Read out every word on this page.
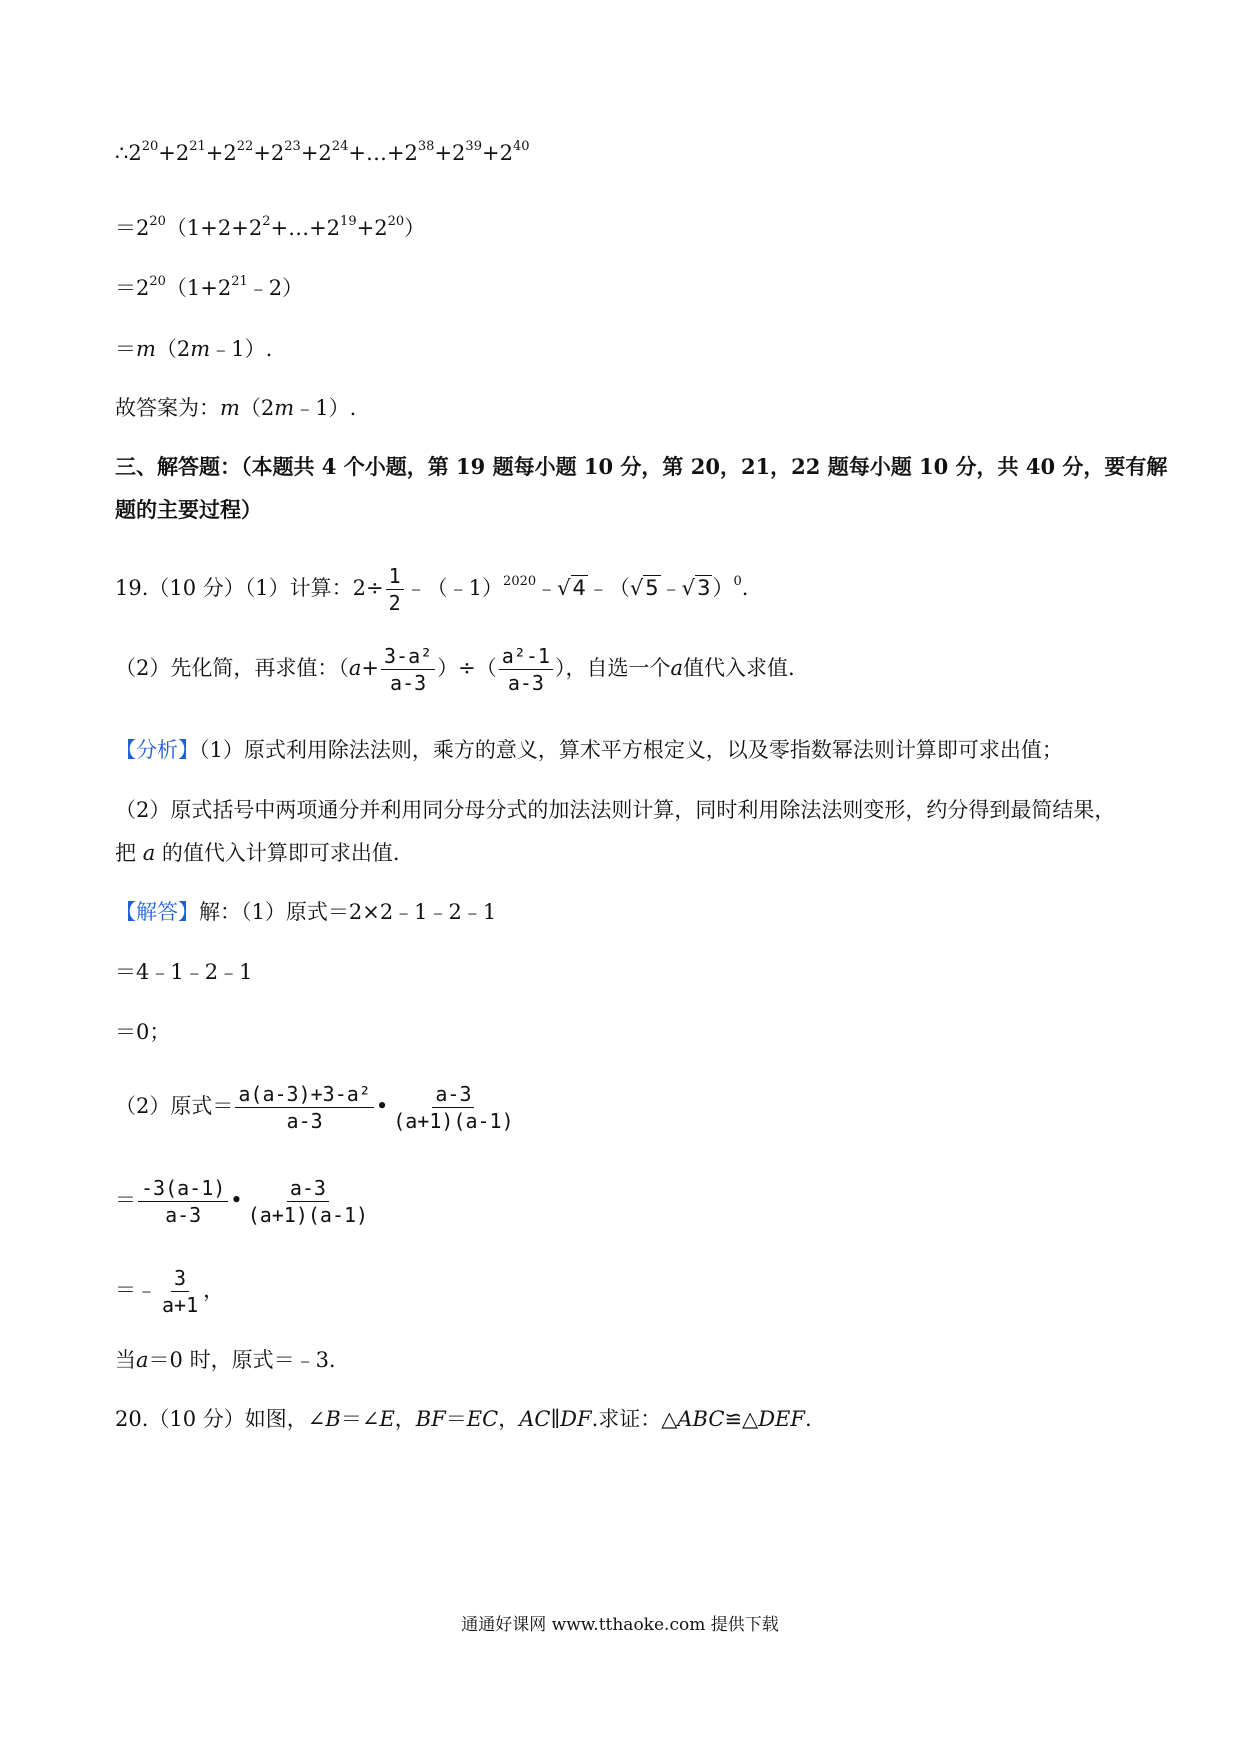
$\therefore 2^{20}+2^{21}+2^{22}+2^{23}+2^{24}+\dots+2^{38}+2^{39}+2^{40}$
$=2^{20}(1+2+2^2+\dots+2^{19}+2^{20})$
$=2^{20}(1+2^{21}﹣2)$
＝m（2m﹣1）.
故答案为：m（2m﹣1）.
三、解答题：（本题共 4 个小题，第 19 题每小题 10 分，第 20，21，22 题每小题 10 分，共 40 分，要有解
题的主要过程）
19.（10 分）（1）计算：$2\div \frac{1}{2}$ ﹣（﹣1）$^{2020}$﹣√4﹣（√5﹣√3）$^0$.
（2）先化简，再求值：（$a+ \frac{\text{3-a²}}{a-3}$ ）÷（ $\frac{\text{a²-1}}{a-3}$ ），自选一个a值代入求值.
【分析】（1）原式利用除法法则，乘方的意义，算术平方根定义，以及零指数幂法则计算即可求出值；
（2）原式括号中两项通分并利用同分母分式的加法法则计算，同时利用除法法则变形，约分得到最简结果，
把 a 的值代入计算即可求出值.
【解答】解：（1）原式＝2×2﹣1﹣2﹣1
＝4﹣1﹣2﹣1
＝0；
（2）原式＝ $\frac{\text{a(a-3)+3-a²}}{a-3}$ • $\frac{a-3}{(a+1)(a-1)}$
＝ $\frac{-3(a-1)}{a-3}$ • $\frac{a-3}{(a+1)(a-1)}$
＝﹣ $\frac{3}{a+1}$ ，
当a＝0 时，原式＝﹣3.
20.（10 分）如图，∠B＝∠E，BF＝EC，AC∥DF.求证：△ABC≌△DEF.
通通好课网 www.tthaoke.com 提供下载
